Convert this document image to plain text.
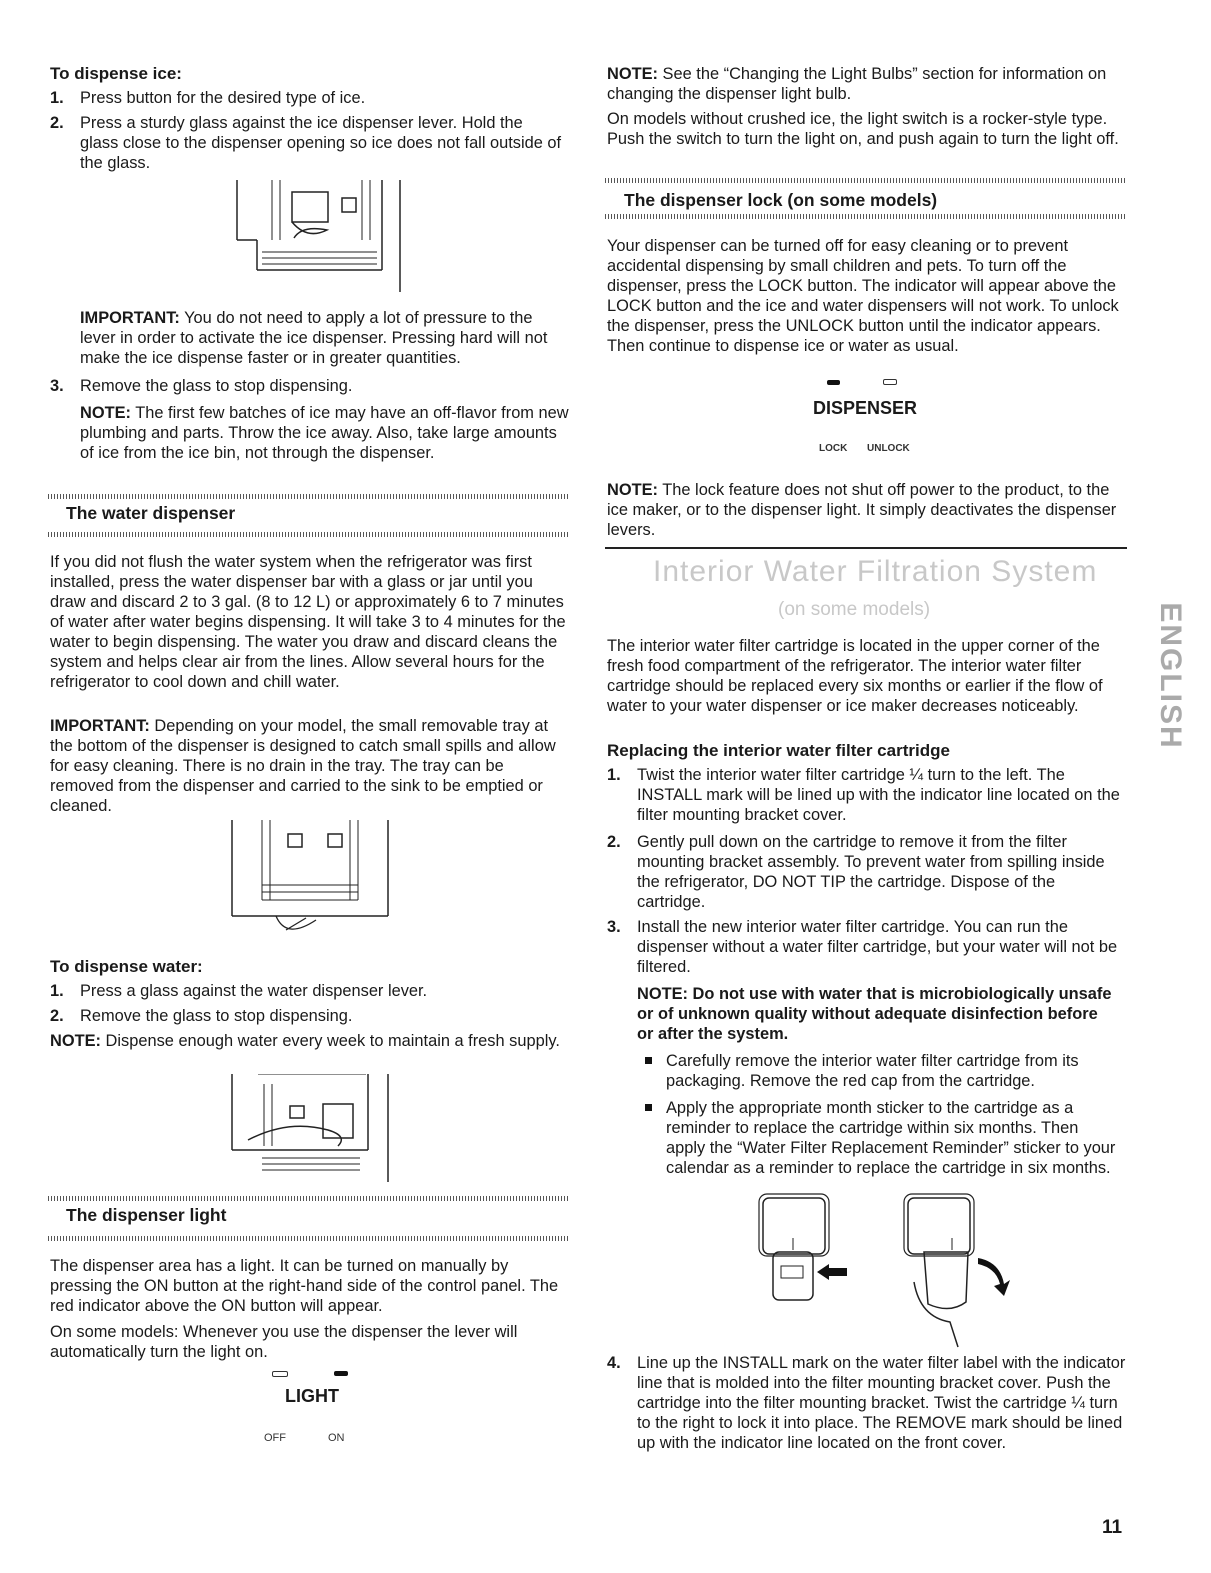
To dispense ice:
1. Press button for the desired type of ice.
2. Press a sturdy glass against the ice dispenser lever. Hold the glass close to the dispenser opening so ice does not fall outside of the glass.
IMPORTANT: You do not need to apply a lot of pressure to the lever in order to activate the ice dispenser. Pressing hard will not make the ice dispense faster or in greater quantities.
3. Remove the glass to stop dispensing.
NOTE: The first few batches of ice may have an off-flavor from new plumbing and parts. Throw the ice away. Also, take large amounts of ice from the ice bin, not through the dispenser.
The water dispenser

If you did not flush the water system when the refrigerator was first installed, press the water dispenser bar with a glass or jar until you draw and discard 2 to 3 gal. (8 to 12 L) or approximately 6 to 7 minutes of water after water begins dispensing. It will take 3 to 4 minutes for the water to begin dispensing. The water you draw and discard cleans the system and helps clear air from the lines. Allow several hours for the refrigerator to cool down and chill water.

IMPORTANT: Depending on your model, the small removable tray at the bottom of the dispenser is designed to catch small spills and allow for easy cleaning. There is no drain in the tray. The tray can be removed from the dispenser and carried to the sink to be emptied or cleaned.
To dispense water:
1. Press a glass against the water dispenser lever.
2. Remove the glass to stop dispensing.
NOTE: Dispense enough water every week to maintain a fresh supply.
The dispenser light

The dispenser area has a light. It can be turned on manually by pressing the ON button at the right-hand side of the control panel. The red indicator above the ON button will appear.

On some models: Whenever you use the dispenser the lever will automatically turn the light on.

LIGHT
OFF	ON
NOTE: See the “Changing the Light Bulbs” section for information on changing the dispenser light bulb.

On models without crushed ice, the light switch is a rocker-style type. Push the switch to turn the light on, and push again to turn the light off.

The dispenser lock (on some models)

Your dispenser can be turned off for easy cleaning or to prevent accidental dispensing by small children and pets. To turn off the dispenser, press the LOCK button. The indicator will appear above the LOCK button and the ice and water dispensers will not work. To unlock the dispenser, press the UNLOCK button until the indicator appears. Then continue to dispense ice or water as usual.

DISPENSER
LOCK UNLOCK
NOTE: The lock feature does not shut off power to the product, to the ice maker, or to the dispenser light. It simply deactivates the dispenser levers.
Interior Water Filtration System
(on some models)

The interior water filter cartridge is located in the upper corner of the fresh food compartment of the refrigerator. The interior water filter cartridge should be replaced every six months or earlier if the flow of water to your water dispenser or ice maker decreases noticeably.

Replacing the interior water filter cartridge
1. Twist the interior water filter cartridge ¼ turn to the left. The INSTALL mark will be lined up with the indicator line located on the filter mounting bracket cover.
2. Gently pull down on the cartridge to remove it from the filter mounting bracket assembly. To prevent water from spilling inside the refrigerator, DO NOT TIP the cartridge. Dispose of the cartridge.
3. Install the new interior water filter cartridge. You can run the dispenser without a water filter cartridge, but your water will not be filtered.
NOTE: Do not use with water that is microbiologically unsafe or of unknown quality without adequate disinfection before or after the system.
Carefully remove the interior water filter cartridge from its packaging. Remove the red cap from the cartridge.
Apply the appropriate month sticker to the cartridge as a reminder to replace the cartridge within six months. Then apply the “Water Filter Replacement Reminder” sticker to your calendar as a reminder to replace the cartridge in six months.
4. Line up the INSTALL mark on the water filter label with the indicator line that is molded into the filter mounting bracket cover. Push the cartridge into the filter mounting bracket. Twist the cartridge ¼ turn to the right to lock it into place. The REMOVE mark should be lined up with the indicator line located on the front cover.
ENGLISH
11
